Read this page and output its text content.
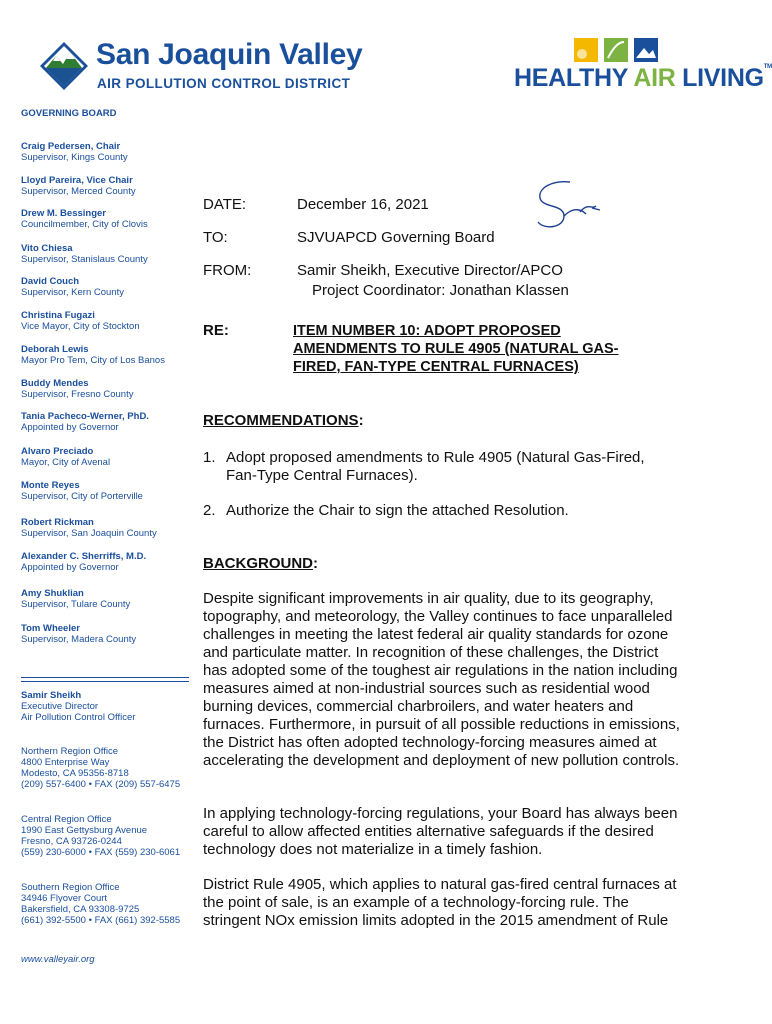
San Joaquin Valley
AIR POLLUTION CONTROL DISTRICT	HEALTHY AIR LIVING™
GOVERNING BOARD
Craig Pedersen, Chair
Supervisor, Kings County
Lloyd Pareira, Vice Chair
Supervisor, Merced County
Drew M. Bessinger
Councilmember, City of Clovis
Vito Chiesa
Supervisor, Stanislaus County
David Couch
Supervisor, Kern County
Christina Fugazi
Vice Mayor, City of Stockton
Deborah Lewis
Mayor Pro Tem, City of Los Banos
Buddy Mendes
Supervisor, Fresno County
Tania Pacheco-Werner, PhD.
Appointed by Governor
Alvaro Preciado
Mayor, City of Avenal
Monte Reyes
Supervisor, City of Porterville
Robert Rickman
Supervisor, San Joaquin County
Alexander C. Sherriffs, M.D.
Appointed by Governor
Amy Shuklian
Supervisor, Tulare County
Tom Wheeler
Supervisor, Madera County
Samir Sheikh
Executive Director
Air Pollution Control Officer
Northern Region Office
4800 Enterprise Way
Modesto, CA 95356-8718
(209) 557-6400 • FAX (209) 557-6475
Central Region Office
1990 East Gettysburg Avenue
Fresno, CA 93726-0244
(559) 230-6000 • FAX (559) 230-6061
Southern Region Office
34946 Flyover Court
Bakersfield, CA 93308-9725
(661) 392-5500 • FAX (661) 392-5585
www.valleyair.org
DATE:	December 16, 2021
TO:	SJVUAPCD Governing Board
FROM:	Samir Sheikh, Executive Director/APCO
Project Coordinator: Jonathan Klassen
RE:	ITEM NUMBER 10: ADOPT PROPOSED AMENDMENTS TO RULE 4905 (NATURAL GAS-FIRED, FAN-TYPE CENTRAL FURNACES)
RECOMMENDATIONS:
1. Adopt proposed amendments to Rule 4905 (Natural Gas-Fired, Fan-Type Central Furnaces).
2. Authorize the Chair to sign the attached Resolution.
BACKGROUND:
Despite significant improvements in air quality, due to its geography, topography, and meteorology, the Valley continues to face unparalleled challenges in meeting the latest federal air quality standards for ozone and particulate matter. In recognition of these challenges, the District has adopted some of the toughest air regulations in the nation including measures aimed at non-industrial sources such as residential wood burning devices, commercial charbroilers, and water heaters and furnaces. Furthermore, in pursuit of all possible reductions in emissions, the District has often adopted technology-forcing measures aimed at accelerating the development and deployment of new pollution controls.
In applying technology-forcing regulations, your Board has always been careful to allow affected entities alternative safeguards if the desired technology does not materialize in a timely fashion.
District Rule 4905, which applies to natural gas-fired central furnaces at the point of sale, is an example of a technology-forcing rule. The stringent NOx emission limits adopted in the 2015 amendment of Rule
